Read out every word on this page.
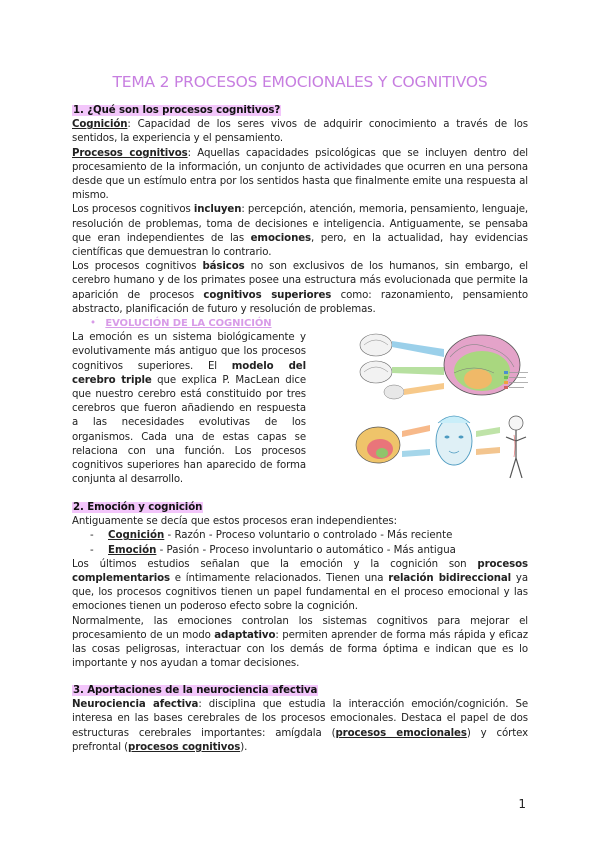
TEMA 2 PROCESOS EMOCIONALES Y COGNITIVOS

1. ¿Qué son los procesos cognitivos?

Cognición: Capacidad de los seres vivos de adquirir conocimiento a través de los sentidos, la experiencia y el pensamiento.

Procesos cognitivos: Aquellas capacidades psicológicas que se incluyen dentro del procesamiento de la información, un conjunto de actividades que ocurren en una persona desde que un estímulo entra por los sentidos hasta que finalmente emite una respuesta al mismo.

Los procesos cognitivos incluyen: percepción, atención, memoria, pensamiento, lenguaje, resolución de problemas, toma de decisiones e inteligencia. Antiguamente, se pensaba que eran independientes de las emociones, pero, en la actualidad, hay evidencias científicas que demuestran lo contrario.

Los procesos cognitivos básicos no son exclusivos de los humanos, sin embargo, el cerebro humano y de los primates posee una estructura más evolucionada que permite la aparición de procesos cognitivos superiores como: razonamiento, pensamiento abstracto, planificación de futuro y resolución de problemas.

• EVOLUCIÓN DE LA COGNICIÓN

La emoción es un sistema biológicamente y evolutivamente más antiguo que los procesos cognitivos superiores. El modelo del cerebro triple que explica P. MacLean dice que nuestro cerebro está constituido por tres cerebros que fueron añadiendo en respuesta a las necesidades evolutivas de los organismos. Cada una de estas capas se relaciona con una función. Los procesos cognitivos superiores han aparecido de forma conjunta al desarrollo.

2. Emoción y cognición

Antiguamente se decía que estos procesos eran independientes:

- Cognición - Razón - Proceso voluntario o controlado - Más reciente
- Emoción - Pasión - Proceso involuntario o automático - Más antigua

Los últimos estudios señalan que la emoción y la cognición son procesos complementarios e íntimamente relacionados. Tienen una relación bidireccional ya que, los procesos cognitivos tienen un papel fundamental en el proceso emocional y las emociones tienen un poderoso efecto sobre la cognición.

Normalmente, las emociones controlan los sistemas cognitivos para mejorar el procesamiento de un modo adaptativo: permiten aprender de forma más rápida y eficaz las cosas peligrosas, interactuar con los demás de forma óptima e indican que es lo importante y nos ayudan a tomar decisiones.

3. Aportaciones de la neurociencia afectiva

Neurociencia afectiva: disciplina que estudia la interacción emoción/cognición. Se interesa en las bases cerebrales de los procesos emocionales. Destaca el papel de dos estructuras cerebrales importantes: amígdala (procesos emocionales) y córtex prefrontal (procesos cognitivos).

1
